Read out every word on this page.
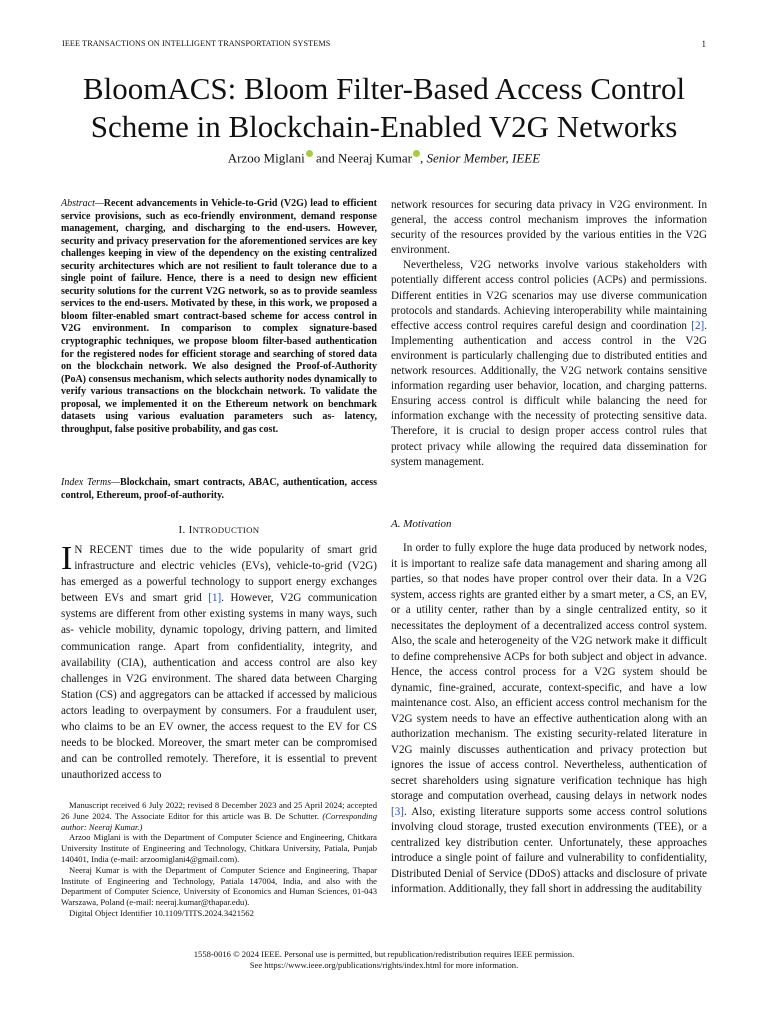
IEEE TRANSACTIONS ON INTELLIGENT TRANSPORTATION SYSTEMS	1
BloomACS: Bloom Filter-Based Access Control
Scheme in Blockchain-Enabled V2G Networks
Arzoo Miglani and Neeraj Kumar , Senior Member, IEEE
Abstract—Recent advancements in Vehicle-to-Grid (V2G) lead to efficient service provisions, such as eco-friendly environment, demand response management, charging, and discharging to the end-users. However, security and privacy preservation for the aforementioned services are key challenges keeping in view of the dependency on the existing centralized security architectures which are not resilient to fault tolerance due to a single point of failure. Hence, there is a need to design new efficient security solutions for the current V2G network, so as to provide seamless services to the end-users. Motivated by these, in this work, we proposed a bloom filter-enabled smart contract-based scheme for access control in V2G environment. In comparison to complex signature-based cryptographic techniques, we propose bloom filter-based authentication for the registered nodes for efficient storage and searching of stored data on the blockchain network. We also designed the Proof-of-Authority (PoA) consensus mechanism, which selects authority nodes dynamically to verify various transactions on the blockchain network. To validate the proposal, we implemented it on the Ethereum network on benchmark datasets using various evaluation parameters such as- latency, throughput, false positive probability, and gas cost.
Index Terms—Blockchain, smart contracts, ABAC, authentication, access control, Ethereum, proof-of-authority.
I. INTRODUCTION
I N RECENT times due to the wide popularity of smart grid infrastructure and electric vehicles (EVs), vehicle-to-grid (V2G) has emerged as a powerful technology to support energy exchanges between EVs and smart grid [1]. However, V2G communication systems are different from other existing systems in many ways, such as- vehicle mobility, dynamic topology, driving pattern, and limited communication range. Apart from confidentiality, integrity, and availability (CIA), authentication and access control are also key challenges in V2G environment. The shared data between Charging Station (CS) and aggregators can be attacked if accessed by malicious actors leading to overpayment by consumers. For a fraudulent user, who claims to be an EV owner, the access request to the EV for CS needs to be blocked. Moreover, the smart meter can be compromised and can be controlled remotely. Therefore, it is essential to prevent unauthorized access to

Manuscript received 6 July 2022; revised 8 December 2023 and 25 April 2024; accepted 26 June 2024. The Associate Editor for this article was B. De Schutter. (Corresponding author: Neeraj Kumar.)

Arzoo Miglani is with the Department of Computer Science and Engineering, Chitkara University Institute of Engineering and Technology, Chitkara University, Patiala, Punjab 140401, India (e-mail: arzoomiglani4@gmail.com).

Neeraj Kumar is with the Department of Computer Science and Engineering, Thapar Institute of Engineering and Technology, Patiala 147004, India, and also with the Department of Computer Science, University of Economics and Human Sciences, 01-043 Warszawa, Poland (e-mail: neeraj.kumar@thapar.edu).

Digital Object Identifier 10.1109/TITS.2024.3421562

network resources for securing data privacy in V2G environment. In general, the access control mechanism improves the information security of the resources provided by the various entities in the V2G environment.

Nevertheless, V2G networks involve various stakeholders with potentially different access control policies (ACPs) and permissions. Different entities in V2G scenarios may use diverse communication protocols and standards. Achieving interoperability while maintaining effective access control requires careful design and coordination [2]. Implementing authentication and access control in the V2G environment is particularly challenging due to distributed entities and network resources. Additionally, the V2G network contains sensitive information regarding user behavior, location, and charging patterns. Ensuring access control is difficult while balancing the need for information exchange with the necessity of protecting sensitive data. Therefore, it is crucial to design proper access control rules that protect privacy while allowing the required data dissemination for system management.

A. Motivation

In order to fully explore the huge data produced by network nodes, it is important to realize safe data management and sharing among all parties, so that nodes have proper control over their data. In a V2G system, access rights are granted either by a smart meter, a CS, an EV, or a utility center, rather than by a single centralized entity, so it necessitates the deployment of a decentralized access control system. Also, the scale and heterogeneity of the V2G network make it difficult to define comprehensive ACPs for both subject and object in advance. Hence, the access control process for a V2G system should be dynamic, fine-grained, accurate, context-specific, and have a low maintenance cost. Also, an efficient access control mechanism for the V2G system needs to have an effective authentication along with an authorization mechanism. The existing security-related literature in V2G mainly discusses authentication and privacy protection but ignores the issue of access control. Nevertheless, authentication of secret shareholders using signature verification technique has high storage and computation overhead, causing delays in network nodes [3]. Also, existing literature supports some access control solutions involving cloud storage, trusted execution environments (TEE), or a centralized key distribution center. Unfortunately, these approaches introduce a single point of failure and vulnerability to confidentiality, Distributed Denial of Service (DDoS) attacks and disclosure of private information. Additionally, they fall short in addressing the auditability

1558-0016 © 2024 IEEE. Personal use is permitted, but republication/redistribution requires IEEE permission.
See https://www.ieee.org/publications/rights/index.html for more information.
